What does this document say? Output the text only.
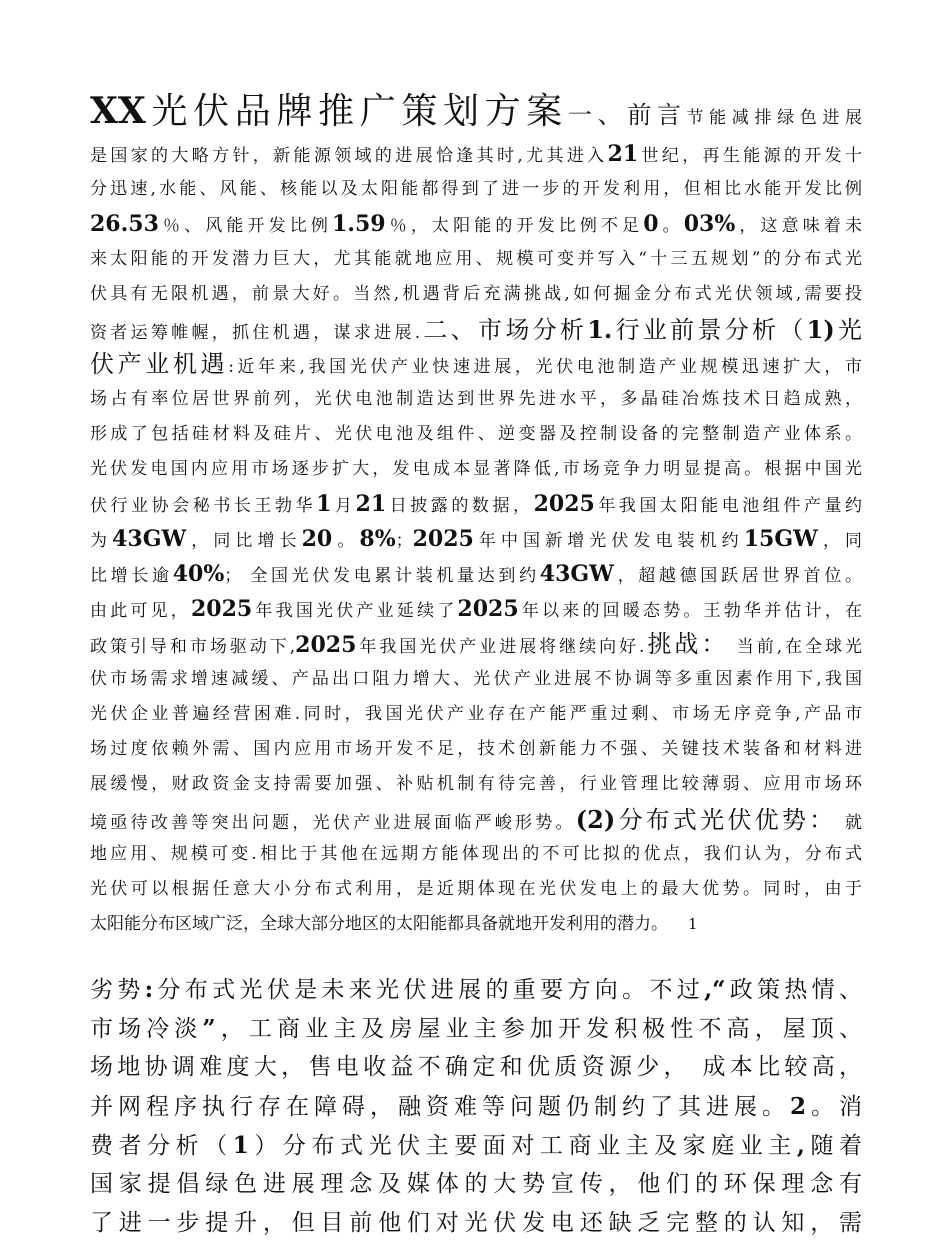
XX光伏品牌推广策划方案一、前言节能减排绿色进展
是国家的大略方针，新能源领域的进展恰逢其时,尤其进入21世纪，再生能源的开发十
分迅速,水能、风能、核能以及太阳能都得到了进一步的开发利用，但相比水能开发比例
26.53％、风能开发比例1.59％，太阳能的开发比例不足0。03%，这意味着未
来太阳能的开发潜力巨大，尤其能就地应用、规模可变并写入“十三五规划”的分布式光
伏具有无限机遇，前景大好。当然,机遇背后充满挑战,如何掘金分布式光伏领域,需要投
资者运筹帷幄，抓住机遇，谋求进展.二、市场分析1.行业前景分析（1)光
伏产业机遇:近年来,我国光伏产业快速进展，光伏电池制造产业规模迅速扩大，市
场占有率位居世界前列，光伏电池制造达到世界先进水平，多晶硅冶炼技术日趋成熟，
形成了包括硅材料及硅片、光伏电池及组件、逆变器及控制设备的完整制造产业体系。
光伏发电国内应用市场逐步扩大，发电成本显著降低,市场竞争力明显提高。根据中国光
伏行业协会秘书长王勃华1月21日披露的数据，2025年我国太阳能电池组件产量约
为43GW，同比增长20。8%；2025年中国新增光伏发电装机约15GW，同
比增长逾40%； 全国光伏发电累计装机量达到约43GW，超越德国跃居世界首位。
由此可见，2025年我国光伏产业延续了2025年以来的回暖态势。王勃华并估计，在
政策引导和市场驱动下,2025年我国光伏产业进展将继续向好.挑战： 当前,在全球光
伏市场需求增速减缓、产品出口阻力增大、光伏产业进展不协调等多重因素作用下,我国
光伏企业普遍经营困难.同时，我国光伏产业存在产能严重过剩、市场无序竞争,产品市
场过度依赖外需、国内应用市场开发不足，技术创新能力不强、关键技术装备和材料进
展缓慢，财政资金支持需要加强、补贴机制有待完善，行业管理比较薄弱、应用市场环
境亟待改善等突出问题，光伏产业进展面临严峻形势。(2)分布式光伏优势： 就
地应用、规模可变.相比于其他在远期方能体现出的不可比拟的优点，我们认为，分布式
光伏可以根据任意大小分布式利用，是近期体现在光伏发电上的最大优势。同时，由于
太阳能分布区域广泛，全球大部分地区的太阳能都具备就地开发利用的潜力。 1
劣势:分布式光伏是未来光伏进展的重要方向。不过,“政策热情、
市场冷淡”，工商业主及房屋业主参加开发积极性不高，屋顶、
场地协调难度大，售电收益不确定和优质资源少， 成本比较高，
并网程序执行存在障碍，融资难等问题仍制约了其进展。2。消
费者分析（1）分布式光伏主要面对工商业主及家庭业主,随着
国家提倡绿色进展理念及媒体的大势宣传，他们的环保理念有
了进一步提升，但目前他们对光伏发电还缺乏完整的认知，需
